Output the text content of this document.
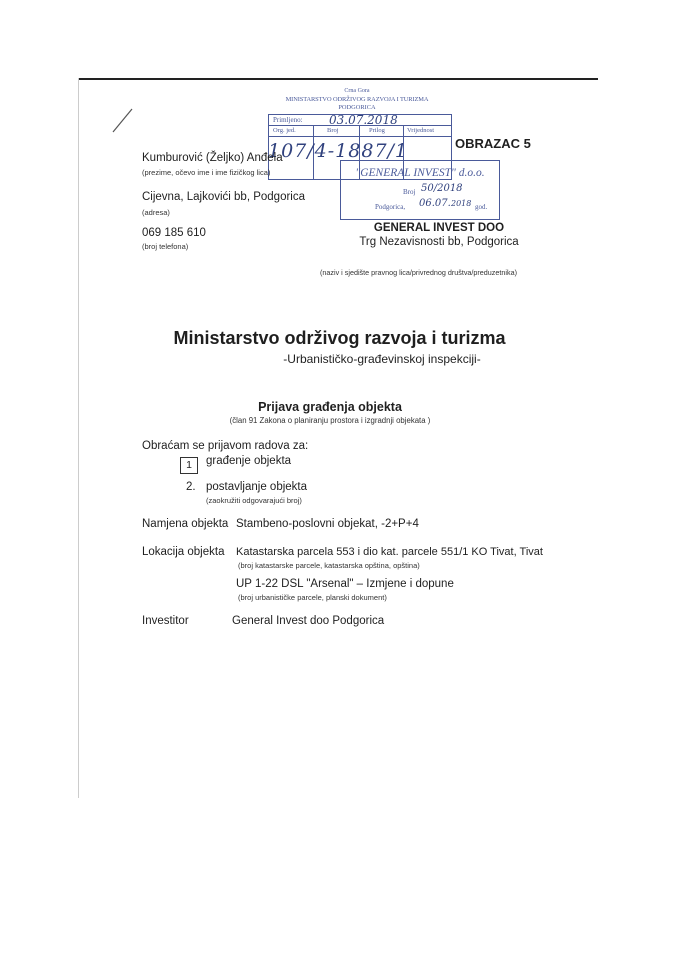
Crna Gora
MINISTARSTVO ODRŽIVOG RAZVOJA I TURIZMA
PODGORICA
Primljeno: 03.07.2018
Org. jed.	Broj	Prilog	Vrijednost
107/4-1887/1	OBRAZAC 5
Kumburović (Željko) Anđela
(prezime, očevo ime i ime fizičkog lica)
Cijevna, Lajkovići bb, Podgorica
(adresa)
069 185 610
(broj telefona)
"GENERAL INVEST" d.o.o.
Broj 50/2018
Podgorica, 06.07. 2018 god.
GENERAL INVEST DOO
Trg Nezavisnosti bb, Podgorica
(naziv i sjedište pravnog lica/privrednog društva/preduzetnika)
Ministarstvo održivog razvoja i turizma
-Urbanističko-građevinskoj inspekciji-
Prijava građenja objekta
(član 91 Zakona o planiranju prostora i izgradnji objekata )
Obraćam se prijavom radova za:
1	građenje objekta
2. postavljanje objekta
(zaokružiti odgovarajući broj)
Namjena objekta Stambeno-poslovni objekat, -2+P+4
Lokacija objekta Katastarska parcela 553 i dio kat. parcele 551/1 KO Tivat, Tivat
(broj katastarske parcele, katastarska opština, opština)
UP 1-22 DSL "Arsenal" – Izmjene i dopune
(broj urbanističke parcele, planski dokument)
Investitor	General Invest doo Podgorica
